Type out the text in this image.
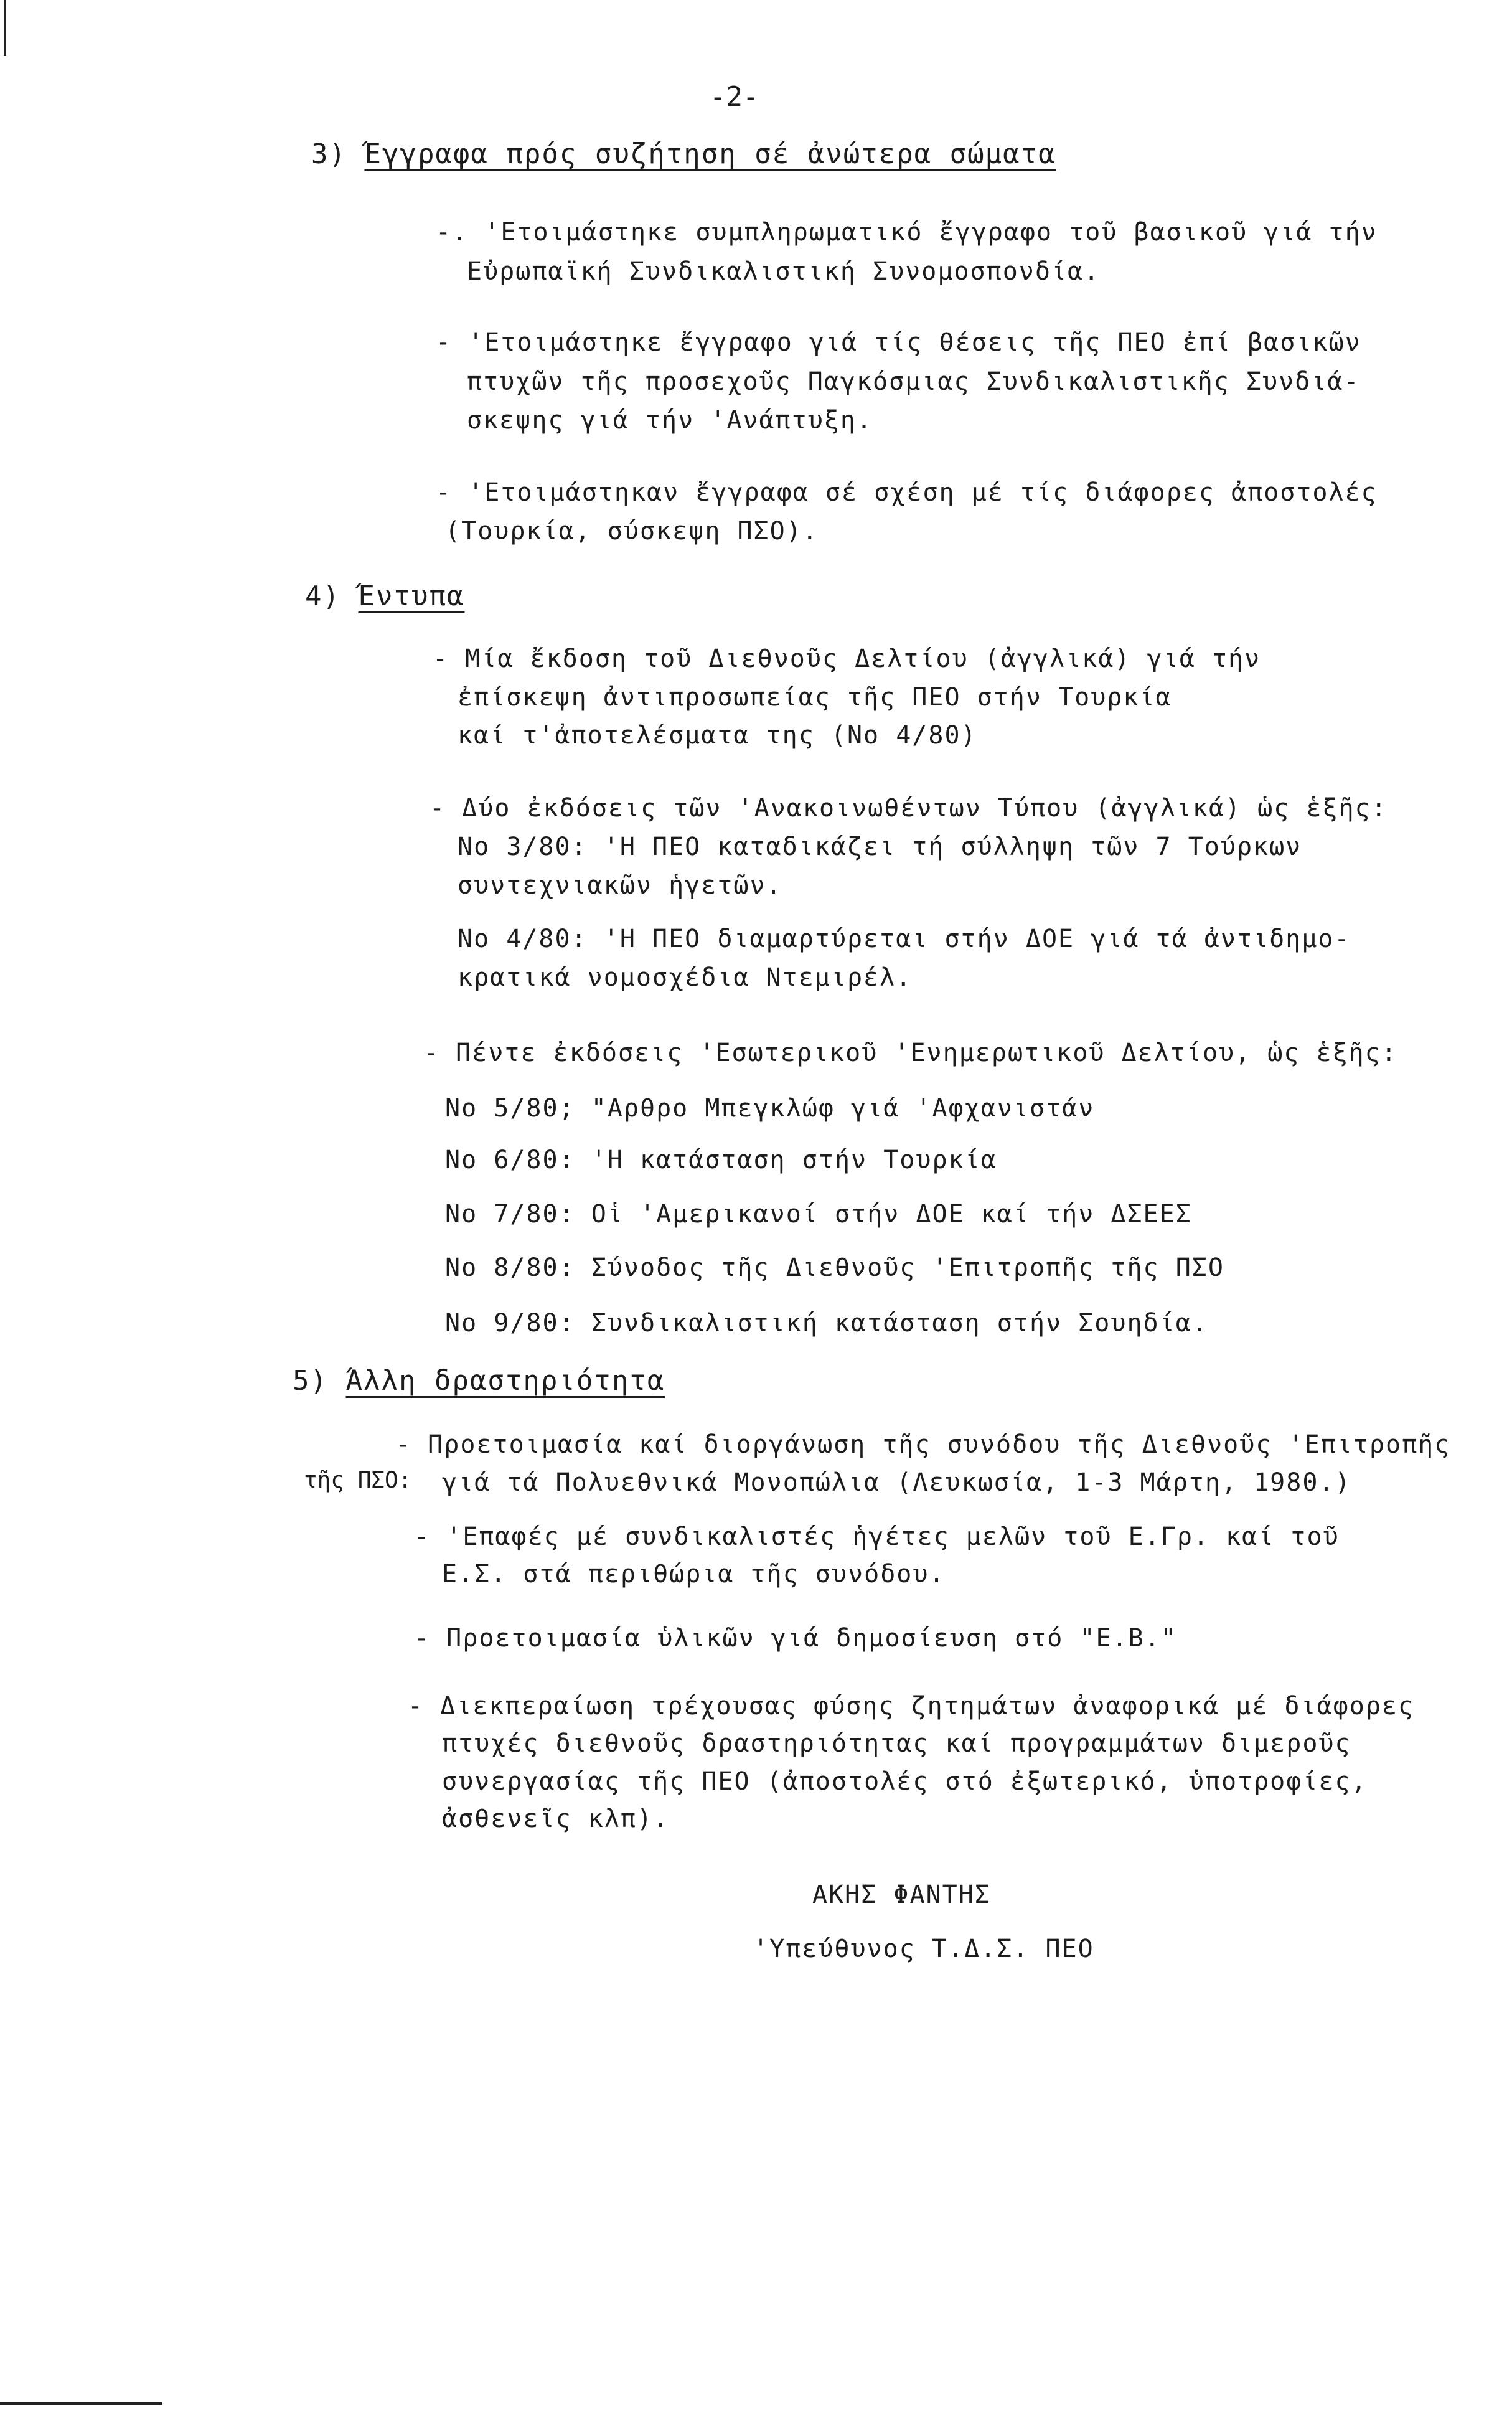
-2-
3) Έγγραφα πρός συζήτηση σέ ἀνώτερα σώματα
-. 'Ετοιμάστηκε συμπληρωματικό ἔγγραφο τοῦ βασικοῦ γιά τήν
Εὐρωπαϊκή Συνδικαλιστική Συνομοσπονδία.
- 'Ετοιμάστηκε ἔγγραφο γιά τίς θέσεις τῆς ΠΕΟ ἐπί βασικῶν
πτυχῶν τῆς προσεχοῦς Παγκόσμιας Συνδικαλιστικῆς Συνδιά-
σκεψης γιά τήν 'Ανάπτυξη.
- 'Ετοιμάστηκαν ἔγγραφα σέ σχέση μέ τίς διάφορες ἀποστολές
(Τουρκία, σύσκεψη ΠΣΟ).
4) Έντυπα
- Μία ἔκδοση τοῦ Διεθνοῦς Δελτίου (ἀγγλικά) γιά τήν
ἐπίσκεψη ἀντιπροσωπείας τῆς ΠΕΟ στήν Τουρκία
καί τ'ἀποτελέσματα της (Νο 4/80)
- Δύο ἐκδόσεις τῶν 'Ανακοινωθέντων Τύπου (ἀγγλικά) ὡς ἑξῆς:
Νο 3/80: 'Η ΠΕΟ καταδικάζει τή σύλληψη τῶν 7 Τούρκων
συντεχνιακῶν ἡγετῶν.
Νο 4/80: 'Η ΠΕΟ διαμαρτύρεται στήν ΔΟΕ γιά τά ἀντιδημο-
κρατικά νομοσχέδια Ντεμιρέλ.
- Πέντε ἐκδόσεις 'Εσωτερικοῦ 'Ενημερωτικοῦ Δελτίου, ὡς ἑξῆς:
Νο 5/80; "Αρθρο Μπεγκλώφ γιά 'Αφχανιστάν
Νο 6/80: 'Η κατάσταση στήν Τουρκία
Νο 7/80: Οἱ 'Αμερικανοί στήν ΔΟΕ καί τήν ΔΣΕΕΣ
Νο 8/80: Σύνοδος τῆς Διεθνοῦς 'Επιτροπῆς τῆς ΠΣΟ
Νο 9/80: Συνδικαλιστική κατάσταση στήν Σουηδία.
5) Άλλη δραστηριότητα
τῆς ΠΣΟ:
- Προετοιμασία καί διοργάνωση τῆς συνόδου τῆς Διεθνοῦς 'Επιτροπῆς
γιά τά Πολυεθνικά Μονοπώλια (Λευκωσία, 1-3 Μάρτη, 1980.)
- 'Επαφές μέ συνδικαλιστές ἡγέτες μελῶν τοῦ Ε.Γρ. καί τοῦ
Ε.Σ. στά περιθώρια τῆς συνόδου.
- Προετοιμασία ὑλικῶν γιά δημοσίευση στό "Ε.Β."
- Διεκπεραίωση τρέχουσας φύσης ζητημάτων ἀναφορικά μέ διάφορες
πτυχές διεθνοῦς δραστηριότητας καί προγραμμάτων διμεροῦς
συνεργασίας τῆς ΠΕΟ (ἀποστολές στό ἐξωτερικό, ὑποτροφίες,
ἀσθενεῖς κλπ).
ΑΚΗΣ ΦΑΝΤΗΣ
'Υπεύθυνος Τ.Δ.Σ. ΠΕΟ
